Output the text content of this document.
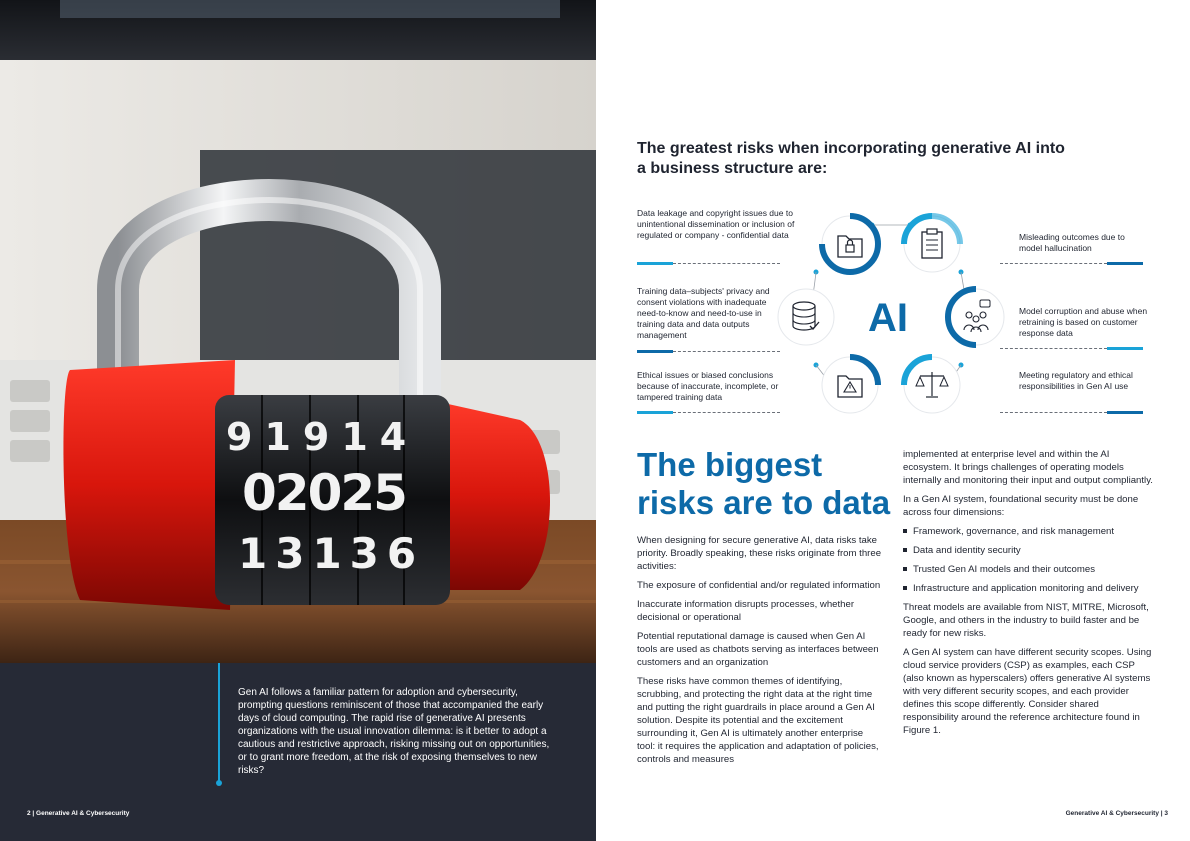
91914
02025
13136

Gen AI follows a familiar pattern for adoption and cybersecurity, prompting questions reminiscent of those that accompanied the early days of cloud computing. The rapid rise of generative AI presents organizations with the usual innovation dilemma: is it better to adopt a cautious and restrictive approach, risking missing out on opportunities, or to grant more freedom, at the risk of exposing themselves to new risks?

2 | Generative AI & Cybersecurity
The greatest risks when incorporating generative AI into a business structure are:
Data leakage and copyright issues due to unintentional dissemination or inclusion of regulated or company - confidential data
Training data–subjects' privacy and consent violations with inadequate need-to-know and need-to-use in training data and data outputs management
Ethical issues or biased conclusions because of inaccurate, incomplete, or tampered training data
Misleading outcomes due to model hallucination
Model corruption and abuse when retraining is based on customer response data
Meeting regulatory and ethical responsibilities in Gen AI use
AI
The biggest risks are to data

When designing for secure generative AI, data risks take priority. Broadly speaking, these risks originate from three activities:

The exposure of confidential and/or regulated information

Inaccurate information disrupts processes, whether decisional or operational

Potential reputational damage is caused when Gen AI tools are used as chatbots serving as interfaces between customers and an organization

These risks have common themes of identifying, scrubbing, and protecting the right data at the right time and putting the right guardrails in place around a Gen AI solution. Despite its potential and the excitement surrounding it, Gen AI is ultimately another enterprise tool: it requires the application and adaptation of policies, controls and measures

implemented at enterprise level and within the AI ecosystem. It brings challenges of operating models internally and monitoring their input and output compliantly.

In a Gen AI system, foundational security must be done across four dimensions:

Framework, governance, and risk management
Data and identity security
Trusted Gen AI models and their outcomes
Infrastructure and application monitoring and delivery

Threat models are available from NIST, MITRE, Microsoft, Google, and others in the industry to build faster and be ready for new risks.

A Gen AI system can have different security scopes. Using cloud service providers (CSP) as examples, each CSP (also known as hyperscalers) offers generative AI systems with very different security scopes, and each provider defines this scope differently. Consider shared responsibility around the reference architecture found in Figure 1.

Generative AI & Cybersecurity | 3
